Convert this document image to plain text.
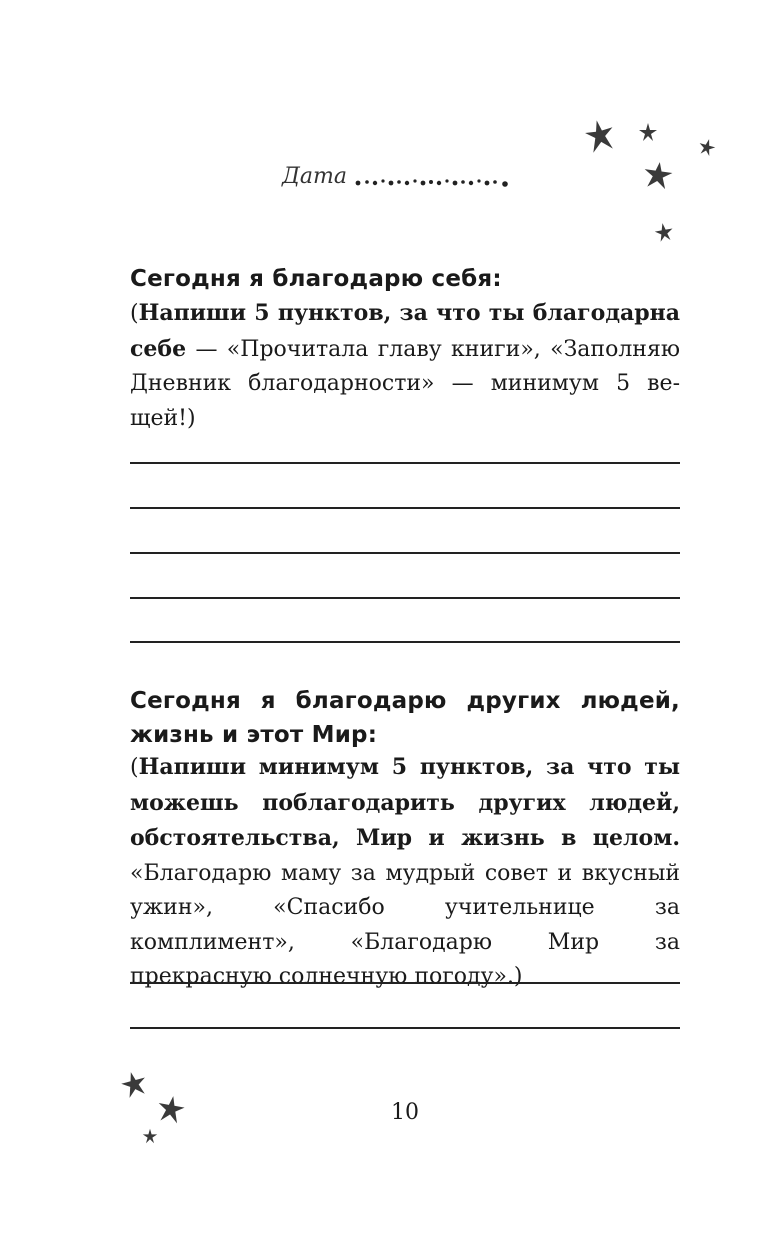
Дата
Сегодня я благодарю себя:
(Напиши 5 пунктов, за что ты благодарна себе — «Прочитала главу книги», «Заполняю Дневник благодарности» — минимум 5 вещей!)
Сегодня я благодарю других людей, жизнь и этот Мир:
(Напиши минимум 5 пунктов, за что ты можешь поблагодарить других людей, обстоятельства, Мир и жизнь в целом. «Благодарю маму за мудрый совет и вкусный ужин», «Спасибо учительнице за комплимент», «Благодарю Мир за прекрасную солнечную погоду».)
10
